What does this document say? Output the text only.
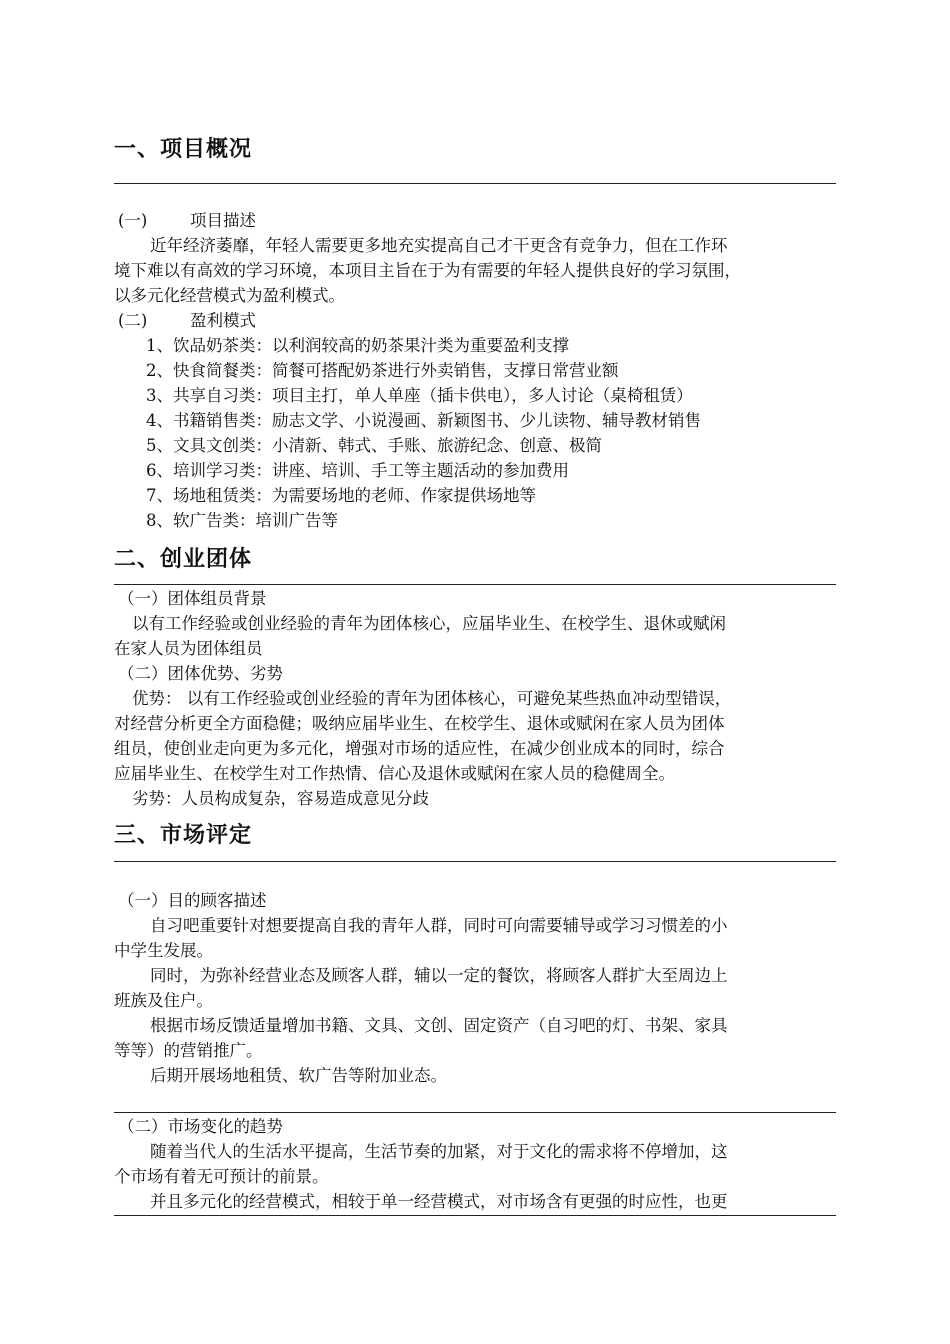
一、项目概况

(一)	项目描述

近年经济萎靡，年轻人需要更多地充实提高自己才干更含有竞争力，但在工作环

境下难以有高效的学习环境，本项目主旨在于为有需要的年轻人提供良好的学习氛围，

以多元化经营模式为盈利模式。

(二)	盈利模式

1、饮品奶茶类：以利润较高的奶茶果汁类为重要盈利支撑

2、快食简餐类：简餐可搭配奶茶进行外卖销售，支撑日常营业额

3、共享自习类：项目主打，单人单座（插卡供电），多人讨论（桌椅租赁）

4、书籍销售类：励志文学、小说漫画、新颖图书、少儿读物、辅导教材销售

5、文具文创类：小清新、韩式、手账、旅游纪念、创意、极简

6、培训学习类：讲座、培训、手工等主题活动的参加费用

7、场地租赁类：为需要场地的老师、作家提供场地等

8、软广告类：培训广告等

二、创业团体

（一）团体组员背景

以有工作经验或创业经验的青年为团体核心，应届毕业生、在校学生、退休或赋闲

在家人员为团体组员

（二）团体优势、劣势

优势： 以有工作经验或创业经验的青年为团体核心，可避免某些热血冲动型错误，

对经营分析更全方面稳健；吸纳应届毕业生、在校学生、退休或赋闲在家人员为团体

组员，使创业走向更为多元化，增强对市场的适应性，在减少创业成本的同时，综合

应届毕业生、在校学生对工作热情、信心及退休或赋闲在家人员的稳健周全。

劣势：人员构成复杂，容易造成意见分歧

三、市场评定

（一）目的顾客描述

自习吧重要针对想要提高自我的青年人群，同时可向需要辅导或学习习惯差的小

中学生发展。

同时，为弥补经营业态及顾客人群，辅以一定的餐饮，将顾客人群扩大至周边上

班族及住户。

根据市场反馈适量增加书籍、文具、文创、固定资产（自习吧的灯、书架、家具

等等）的营销推广。

后期开展场地租赁、软广告等附加业态。

（二）市场变化的趋势

随着当代人的生活水平提高，生活节奏的加紧，对于文化的需求将不停增加，这

个市场有着无可预计的前景。

并且多元化的经营模式，相较于单一经营模式，对市场含有更强的时应性，也更
